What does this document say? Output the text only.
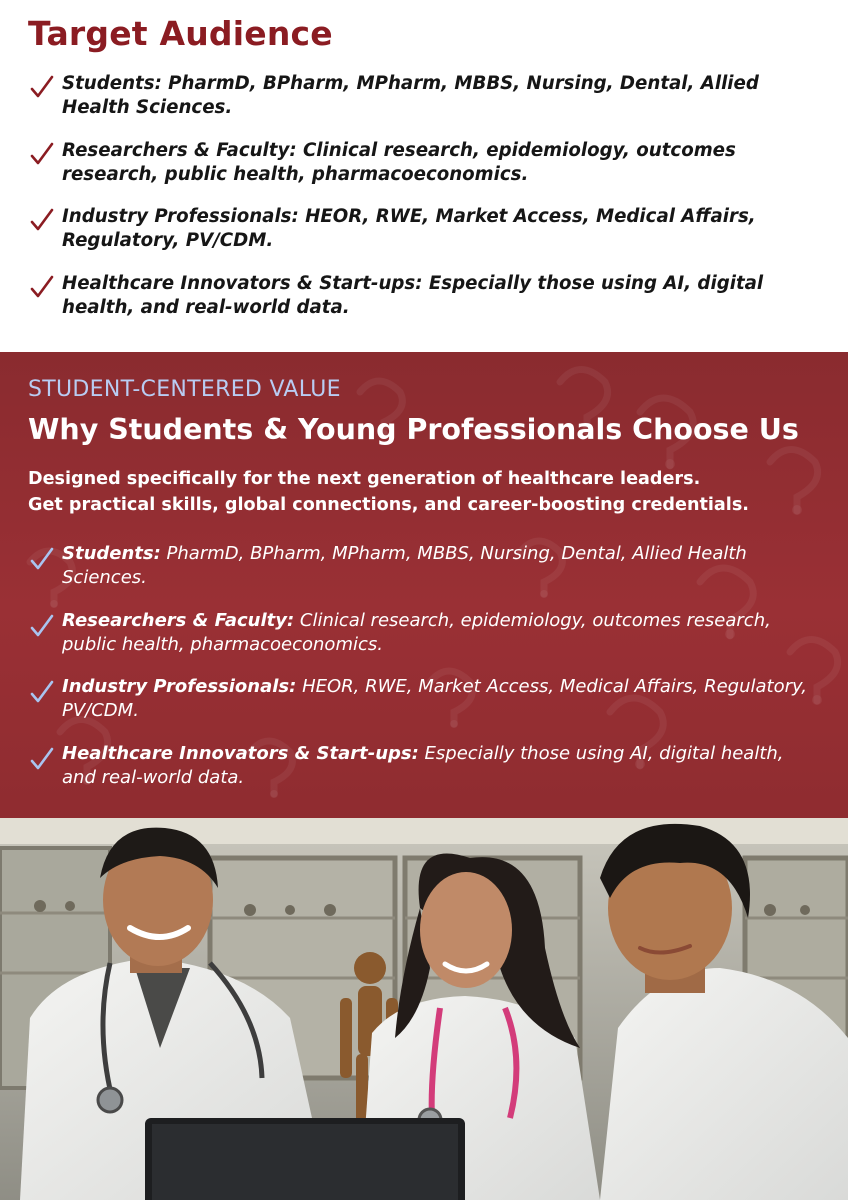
Target Audience

Students: PharmD, BPharm, MPharm, MBBS, Nursing, Dental, Allied Health Sciences.

Researchers & Faculty: Clinical research, epidemiology, outcomes research, public health, pharmacoeconomics.

Industry Professionals: HEOR, RWE, Market Access, Medical Affairs, Regulatory, PV/CDM.

Healthcare Innovators & Start-ups: Especially those using AI, digital health, and real-world data.

STUDENT-CENTERED VALUE
Why Students & Young Professionals Choose Us
Designed specifically for the next generation of healthcare leaders.
Get practical skills, global connections, and career-boosting credentials.

Students: PharmD, BPharm, MPharm, MBBS, Nursing, Dental, Allied Health Sciences.

Researchers & Faculty: Clinical research, epidemiology, outcomes research, public health, pharmacoeconomics.

Industry Professionals: HEOR, RWE, Market Access, Medical Affairs, Regulatory, PV/CDM.

Healthcare Innovators & Start-ups: Especially those using AI, digital health, and real-world data.
